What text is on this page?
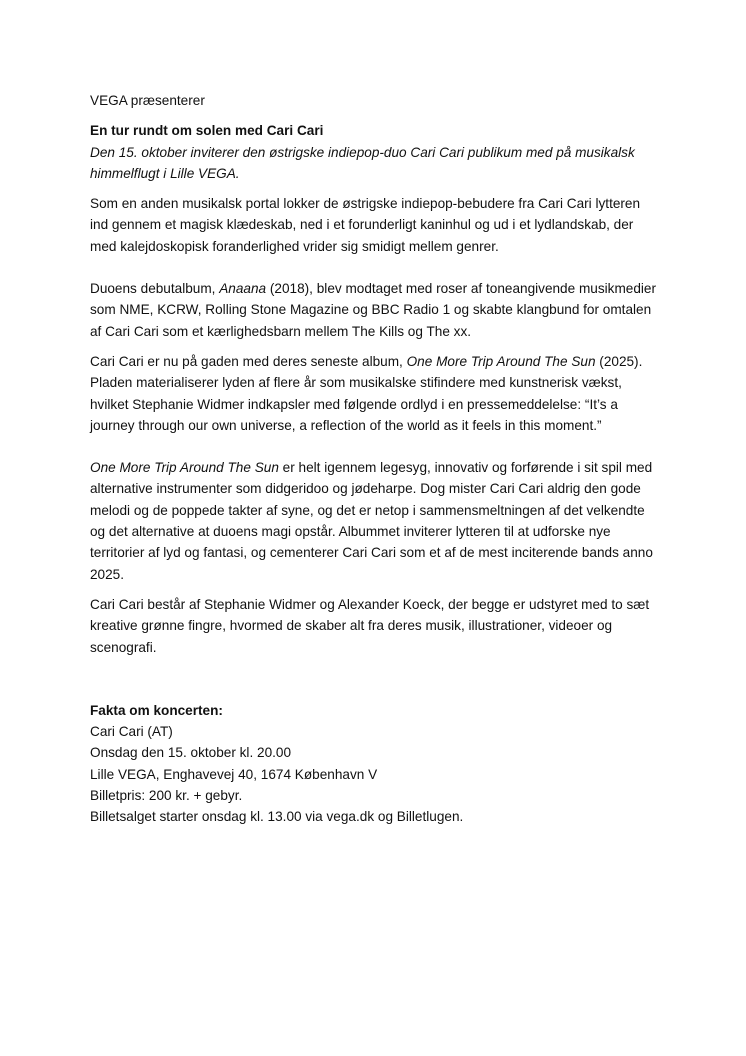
VEGA præsenterer

En tur rundt om solen med Cari Cari

Den 15. oktober inviterer den østrigske indiepop-duo Cari Cari publikum med på musikalsk himmelflugt i Lille VEGA.

Som en anden musikalsk portal lokker de østrigske indiepop-bebudere fra Cari Cari lytteren ind gennem et magisk klædeskab, ned i et forunderligt kaninhul og ud i et lydlandskab, der med kalejdoskopisk foranderlighed vrider sig smidigt mellem genrer.

Duoens debutalbum, Anaana (2018), blev modtaget med roser af toneangivende musikmedier som NME, KCRW, Rolling Stone Magazine og BBC Radio 1 og skabte klangbund for omtalen af Cari Cari som et kærlighedsbarn mellem The Kills og The xx.

Cari Cari er nu på gaden med deres seneste album, One More Trip Around The Sun (2025). Pladen materialiserer lyden af flere år som musikalske stifindere med kunstnerisk vækst, hvilket Stephanie Widmer indkapsler med følgende ordlyd i en pressemeddelelse: “It’s a journey through our own universe, a reflection of the world as it feels in this moment.”

One More Trip Around The Sun er helt igennem legesyg, innovativ og forførende i sit spil med alternative instrumenter som didgeridoo og jødeharpe. Dog mister Cari Cari aldrig den gode melodi og de poppede takter af syne, og det er netop i sammensmeltningen af det velkendte og det alternative at duoens magi opstår. Albummet inviterer lytteren til at udforske nye territorier af lyd og fantasi, og cementerer Cari Cari som et af de mest inciterende bands anno 2025.

Cari Cari består af Stephanie Widmer og Alexander Koeck, der begge er udstyret med to sæt kreative grønne fingre, hvormed de skaber alt fra deres musik, illustrationer, videoer og scenografi.

Fakta om koncerten:

Cari Cari (AT)

Onsdag den 15. oktober kl. 20.00

Lille VEGA, Enghavevej 40, 1674 København V

Billetpris: 200 kr. + gebyr.

Billetsalget starter onsdag kl. 13.00 via vega.dk og Billetlugen.
